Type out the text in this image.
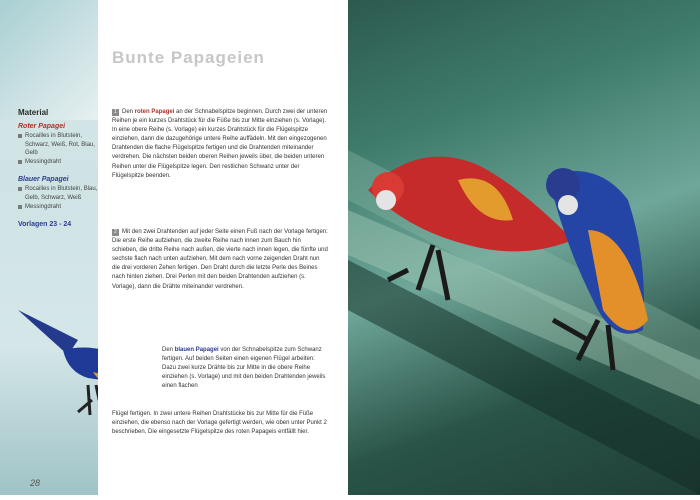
Material
Roter Papagei
Rocailles in Blutstein, Schwarz, Weiß, Rot, Blau, Gelb
Messingdraht
Blauer Papagei
Rocailles in Blutstein, Blau, Gelb, Schwarz, Weiß
Messingdraht
Vorlagen 23 - 24
Bunte Papageien

1 Den roten Papagei an der Schnabelspitze beginnen. Durch zwei der unteren Reihen je ein kurzes Drahtstück für die Füße bis zur Mitte einziehen (s. Vorlage). In eine obere Reihe (s. Vorlage) ein kurzes Drahtstück für die Flügelspitze einziehen, dann die dazugehörige untere Reihe auffädeln. Mit den eingezogenen Drahtenden die flache Flügelspitze fertigen und die Drahtenden miteinander verdrehen. Die nächsten beiden oberen Reihen jeweils über, die beiden unteren Reihen unter die Flügelspitze legen. Den restlichen Schwanz unter der Flügelspitze beenden.

2 Mit den zwei Drahtenden auf jeder Seite einen Fuß nach der Vorlage fertigen: Die erste Reihe aufziehen, die zweite Reihe nach innen zum Bauch hin schieben, die dritte Reihe nach außen, die vierte nach innen legen, die fünfte und sechste flach nach unten aufziehen. Mit dem nach vorne zeigenden Draht nun die drei vorderen Zehen fertigen. Den Draht durch die letzte Perle des Beines nach hinten ziehen. Drei Perlen mit den beiden Drahtenden aufziehen (s. Vorlage), dann die Drähte miteinander verdrehen.

Den blauen Papagei von der Schnabelspitze zum Schwanz fertigen. Auf beiden Seiten einen eigenen Flügel arbeiten: Dazu zwei kurze Drähte bis zur Mitte in die obere Reihe einziehen (s. Vorlage) und mit den beiden Drahtenden jeweils einen flachen

Flügel fertigen. In zwei untere Reihen Drahtstücke bis zur Mitte für die Füße einziehen, die ebenso nach der Vorlage gefertigt werden, wie oben unter Punkt 2 beschrieben. Die eingesetzte Flügelspitze des roten Papageis entfällt hier.

28
